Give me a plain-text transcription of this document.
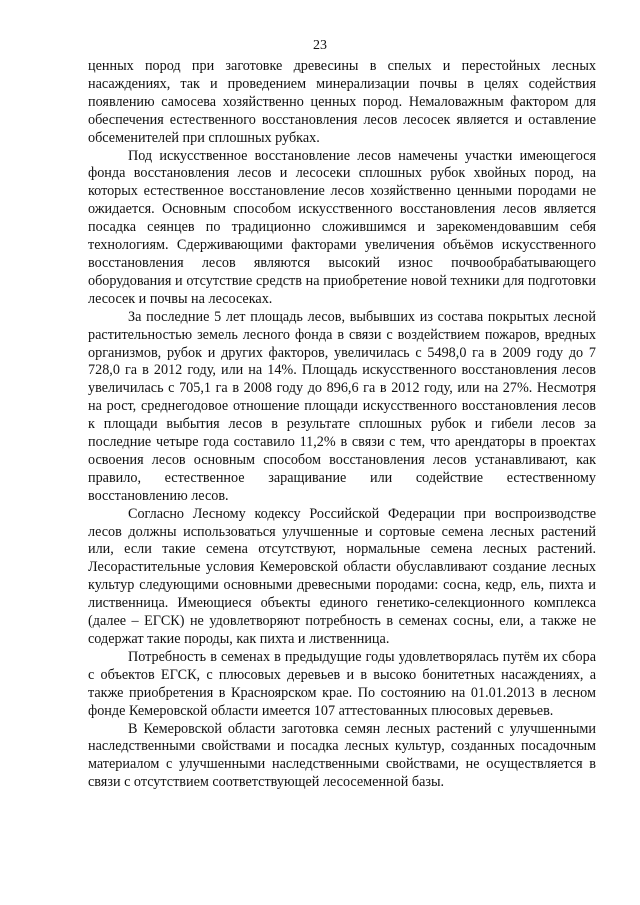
23

ценных пород при заготовке древесины в спелых и перестойных лесных насаждениях, так и проведением минерализации почвы в целях содействия появлению самосева хозяйственно ценных пород. Немаловажным фактором для обеспечения естественного восстановления лесов лесосек является и оставление обсеменителей при сплошных рубках.

Под искусственное восстановление лесов намечены участки имеющегося фонда восстановления лесов и лесосеки сплошных рубок хвойных пород, на которых естественное восстановление лесов хозяйственно ценными породами не ожидается. Основным способом искусственного восстановления лесов является посадка сеянцев по традиционно сложившимся и зарекомендовавшим себя технологиям. Сдерживающими факторами увеличения объёмов искусственного восстановления лесов являются высокий износ почвообрабатывающего оборудования и отсутствие средств на приобретение новой техники для подготовки лесосек и почвы на лесосеках.

За последние 5 лет площадь лесов, выбывших из состава покрытых лесной растительностью земель лесного фонда в связи с воздействием пожаров, вредных организмов, рубок и других факторов, увеличилась с 5498,0 га в 2009 году до 7 728,0 га в 2012 году, или на 14%. Площадь искусственного восстановления лесов увеличилась с 705,1 га в 2008 году до 896,6 га в 2012 году, или на 27%. Несмотря на рост, среднегодовое отношение площади искусственного восстановления лесов к площади выбытия лесов в результате сплошных рубок и гибели лесов за последние четыре года составило 11,2% в связи с тем, что арендаторы в проектах освоения лесов основным способом восстановления лесов устанавливают, как правило, естественное заращивание или содействие естественному восстановлению лесов.

Согласно Лесному кодексу Российской Федерации при воспроизводстве лесов должны использоваться улучшенные и сортовые семена лесных растений или, если такие семена отсутствуют, нормальные семена лесных растений. Лесорастительные условия Кемеровской области обуславливают создание лесных культур следующими основными древесными породами: сосна, кедр, ель, пихта и лиственница. Имеющиеся объекты единого генетико-селекционного комплекса (далее – ЕГСК) не удовлетворяют потребность в семенах сосны, ели, а также не содержат такие породы, как пихта и лиственница.

Потребность в семенах в предыдущие годы удовлетворялась путём их сбора с объектов ЕГСК, с плюсовых деревьев и в высоко бонитетных насаждениях, а также приобретения в Красноярском крае. По состоянию на 01.01.2013 в лесном фонде Кемеровской области имеется 107 аттестованных плюсовых деревьев.

В Кемеровской области заготовка семян лесных растений с улучшенными наследственными свойствами и посадка лесных культур, созданных посадочным материалом с улучшенными наследственными свойствами, не осуществляется в связи с отсутствием соответствующей лесосеменной базы.
